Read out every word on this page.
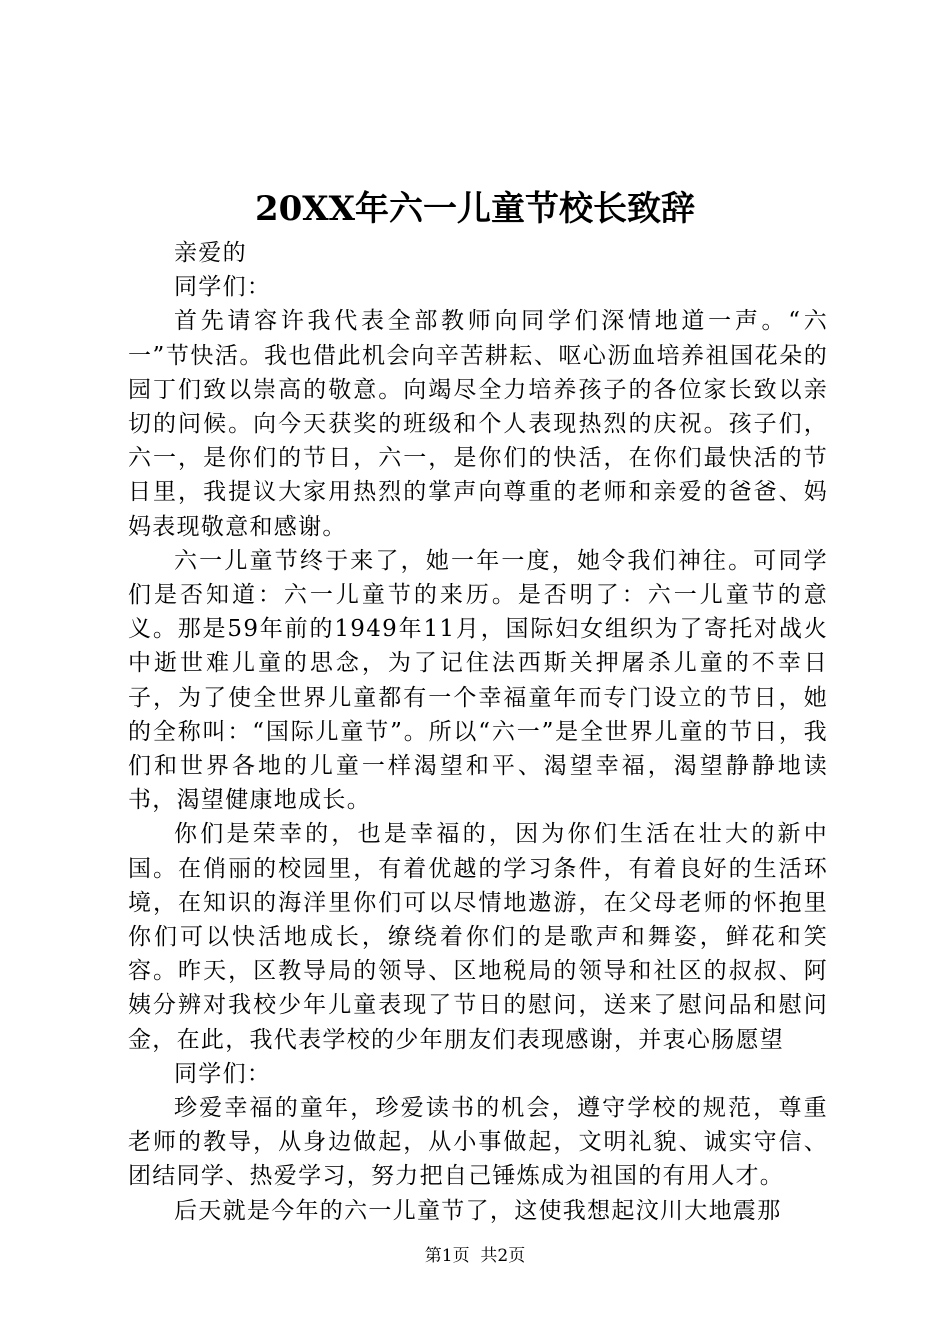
20XX年六一儿童节校长致辞

亲爱的

同学们：

首先请容许我代表全部教师向同学们深情地道一声。“六一”节快活。我也借此机会向辛苦耕耘、呕心沥血培养祖国花朵的园丁们致以崇高的敬意。向竭尽全力培养孩子的各位家长致以亲切的问候。向今天获奖的班级和个人表现热烈的庆祝。孩子们，六一，是你们的节日，六一，是你们的快活，在你们最快活的节日里，我提议大家用热烈的掌声向尊重的老师和亲爱的爸爸、妈妈表现敬意和感谢。

六一儿童节终于来了，她一年一度，她令我们神往。可同学们是否知道：六一儿童节的来历。是否明了：六一儿童节的意义。那是59年前的1949年11月，国际妇女组织为了寄托对战火中逝世难儿童的思念，为了记住法西斯关押屠杀儿童的不幸日子，为了使全世界儿童都有一个幸福童年而专门设立的节日，她的全称叫：“国际儿童节”。所以“六一”是全世界儿童的节日，我们和世界各地的儿童一样渴望和平、渴望幸福，渴望静静地读书，渴望健康地成长。

你们是荣幸的，也是幸福的，因为你们生活在壮大的新中国。在俏丽的校园里，有着优越的学习条件，有着良好的生活环境，在知识的海洋里你们可以尽情地遨游，在父母老师的怀抱里你们可以快活地成长，缭绕着你们的是歌声和舞姿，鲜花和笑容。昨天，区教导局的领导、区地税局的领导和社区的叔叔、阿姨分辨对我校少年儿童表现了节日的慰问，送来了慰问品和慰问金，在此，我代表学校的少年朋友们表现感谢，并衷心肠愿望

同学们：

珍爱幸福的童年，珍爱读书的机会，遵守学校的规范，尊重老师的教导，从身边做起，从小事做起，文明礼貌、诚实守信、团结同学、热爱学习，努力把自己锤炼成为祖国的有用人才。

后天就是今年的六一儿童节了，这使我想起汶川大地震那

第1页 共2页
